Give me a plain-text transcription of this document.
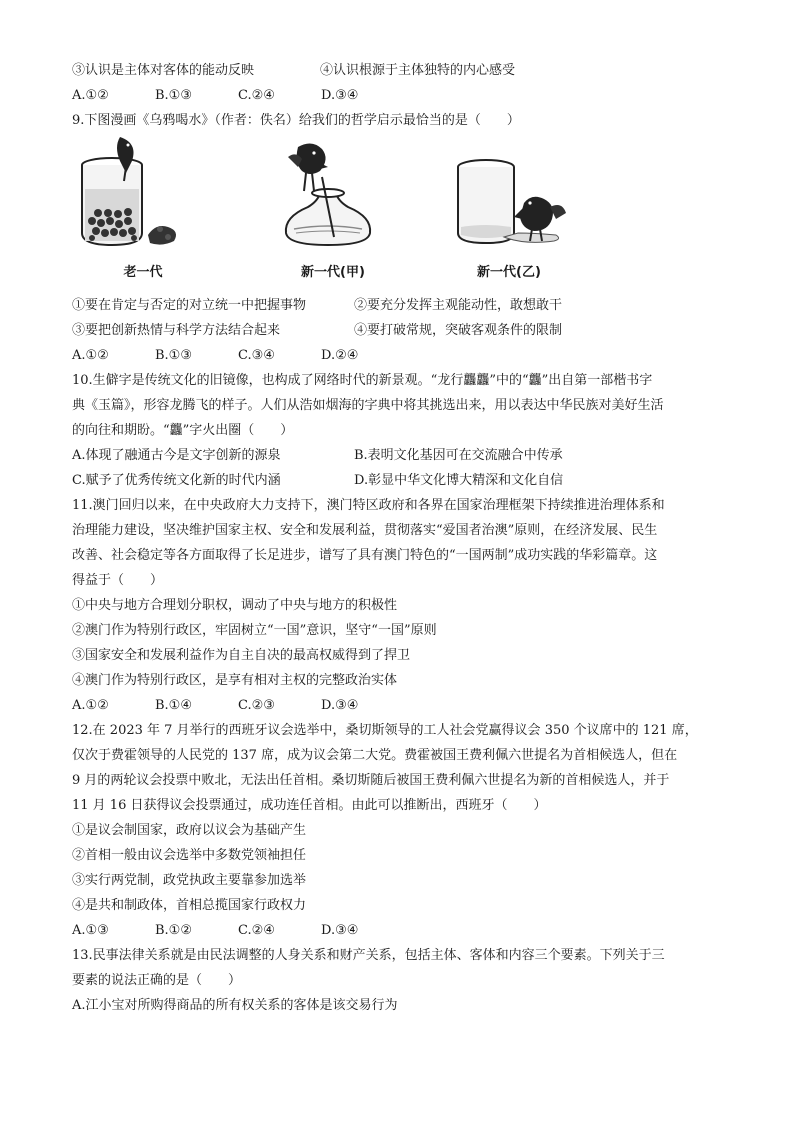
③认识是主体对客体的能动反映	④认识根源于主体独特的内心感受
A.①②	B.①③	C.②④	D.③④
9.下图漫画《乌鸦喝水》（作者：佚名）给我们的哲学启示最恰当的是（　　）
老一代	新一代(甲)	新一代(乙)
①要在肯定与否定的对立统一中把握事物	②要充分发挥主观能动性，敢想敢干
③要把创新热情与科学方法结合起来	④要打破常规，突破客观条件的限制
A.①②	B.①③	C.③④	D.②④
10.生僻字是传统文化的旧镜像，也构成了网络时代的新景观。“龙行龘龘”中的“龘”出自第一部楷书字
典《玉篇》，形容龙腾飞的样子。人们从浩如烟海的字典中将其挑选出来，用以表达中华民族对美好生活
的向往和期盼。“龘”字火出圈（　　）
A.体现了融通古今是文字创新的源泉	B.表明文化基因可在交流融合中传承
C.赋予了优秀传统文化新的时代内涵	D.彰显中华文化博大精深和文化自信
11.澳门回归以来，在中央政府大力支持下，澳门特区政府和各界在国家治理框架下持续推进治理体系和
治理能力建设，坚决维护国家主权、安全和发展利益，贯彻落实“爱国者治澳”原则，在经济发展、民生
改善、社会稳定等各方面取得了长足进步，谱写了具有澳门特色的“一国两制”成功实践的华彩篇章。这
得益于（　　）
①中央与地方合理划分职权，调动了中央与地方的积极性
②澳门作为特别行政区，牢固树立“一国”意识，坚守“一国”原则
③国家安全和发展利益作为自主自决的最高权威得到了捍卫
④澳门作为特别行政区，是享有相对主权的完整政治实体
A.①②	B.①④	C.②③	D.③④
12.在 2023 年 7 月举行的西班牙议会选举中，桑切斯领导的工人社会党赢得议会 350 个议席中的 121 席，
仅次于费霍领导的人民党的 137 席，成为议会第二大党。费霍被国王费利佩六世提名为首相候选人，但在
9 月的两轮议会投票中败北，无法出任首相。桑切斯随后被国王费利佩六世提名为新的首相候选人，并于
11 月 16 日获得议会投票通过，成功连任首相。由此可以推断出，西班牙（　　）
①是议会制国家，政府以议会为基础产生
②首相一般由议会选举中多数党领袖担任
③实行两党制，政党执政主要靠参加选举
④是共和制政体，首相总揽国家行政权力
A.①③	B.①②	C.②④	D.③④
13.民事法律关系就是由民法调整的人身关系和财产关系，包括主体、客体和内容三个要素。下列关于三
要素的说法正确的是（　　）
A.江小宝对所购得商品的所有权关系的客体是该交易行为
